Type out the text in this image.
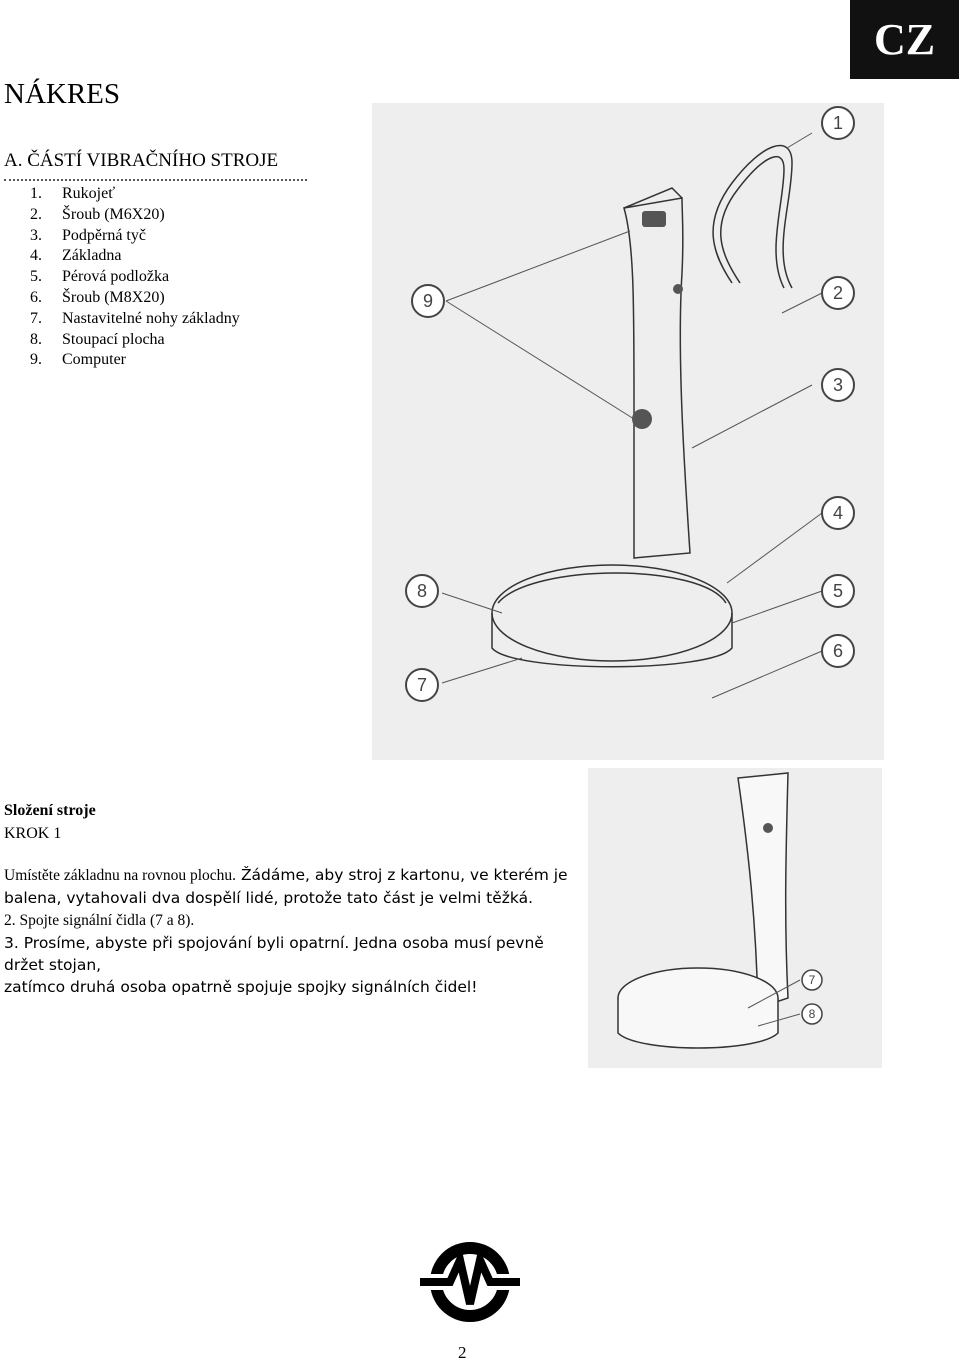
CZ
NÁKRES
A. ČÁSTÍ VIBRAČNÍHO STROJE
1.	Rukojeť
2.	Šroub (M6X20)
3.	Podpěrná tyč
4.	Základna
5.	Pérová podložka
6.	Šroub (M8X20)
7.	Nastavitelné nohy základny
8.	Stoupací plocha
9.	Computer
1
2
3
4
5
6
7
8
9
Složení stroje
KROK 1

Umístěte základnu na rovnou plochu. Žádáme, aby stroj z kartonu, ve kterém je balena, vytahovali dva dospělí lidé, protože tato část je velmi těžká.

2. Spojte signální čidla (7 a 8).

3. Prosíme, abyste při spojování byli opatrní. Jedna osoba musí pevně držet stojan,

zatímco druhá osoba opatrně spojuje spojky signálních čidel!	7
8
2
